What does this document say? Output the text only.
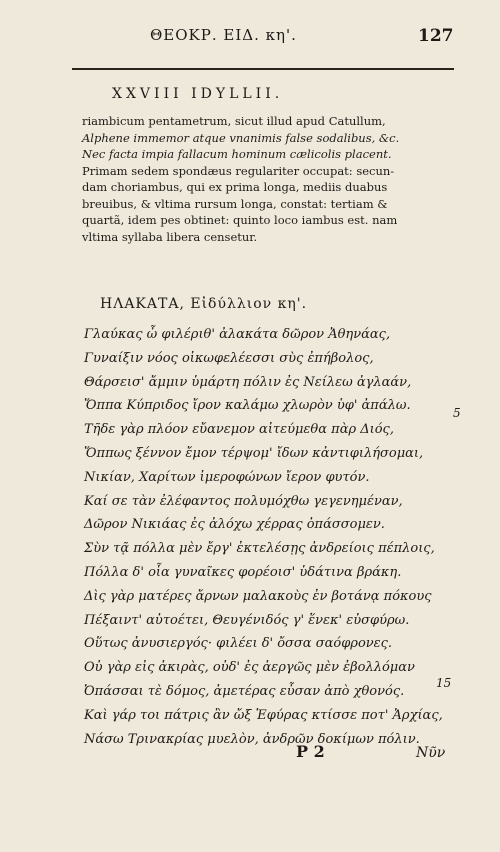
ΘΕΟΚΡ. ΕΙΔ. κη'.	127
XXVIII IDYLLII.
riambicum pentametrum, sicut illud apud Catullum,
Alphene immemor atque vnanimis false sodalibus, &c.
Nec facta impia fallacum hominum cælicolis placent.
Primam sedem spondæus regulariter occupat: secun-
dam choriambus, qui ex prima longa, mediis duabus
breuibus, & vltima rursum longa, constat: tertiam &
quartã, idem pes obtinet: quinto loco iambus est. nam
vltima syllaba libera censetur.
ΗΛΑΚΑΤΑ, Εἰδύλλιον κη'.
Γλαύκας ὦ φιλέριθ' ἀλακάτα δῶρον Ἀθηνάας,
Γυναίξιν νόος οἰκωφελέεσσι σὺς ἐπήβολος,
Θάρσεισ' ἄμμιν ὑμάρτη πόλιν ἐς Νείλεω ἀγλαάν,
Ὅππα Κύπριδος ἴρον καλάμω χλωρὸν ὑφ' ἀπάλω.
Τῆδε γὰρ πλόον εὔανεμον αἰτεύμεθα πὰρ Διός,
Ὅππως ξέννον ἔμον τέρψομ' ἴδων κἀντιφιλήσομαι,
Νικίαν, Χαρίτων ἰμεροφώνων ἴερον φυτόν.
Καί σε τὰν ἐλέφαντος πολυμόχθω γεγενημέναν,
Δῶρον Νικιάας ἐς ἀλόχω χέρρας ὀπάσσομεν.
Σὺν τᾷ πόλλα μὲν ἔργ' ἐκτελέσῃς ἀνδρείοις πέπλοις,
Πόλλα δ' οἷα γυναῖκες φορέοισ' ὑδάτινα βράκη.
Δὶς γὰρ ματέρες ἄρνων μαλακοὺς ἐν βοτάνᾳ πόκους
Πέξαιντ' αὐτοέτει, Θευγένιδός γ' ἕνεκ' εὐσφύρω.
Οὕτως ἀνυσιεργός· φιλέει δ' ὄσσα σαόφρονες.
Οὐ γὰρ εἰς ἀκιρὰς, οὐδ' ἐς ἀεργῶς μὲν ἐβολλόμαν
Ὀπάσσαι τὲ δόμος, ἀμετέρας εὖσαν ἀπὸ χθονός.
Καὶ γάρ τοι πάτρις ἂν ὤξ Ἐφύρας κτίσσε ποτ' Ἀρχίας,
Νάσω Τρινακρίας μυελὸν, ἀνδρῶν δοκίμων πόλιν.
5
15
P 2	Νῦν
